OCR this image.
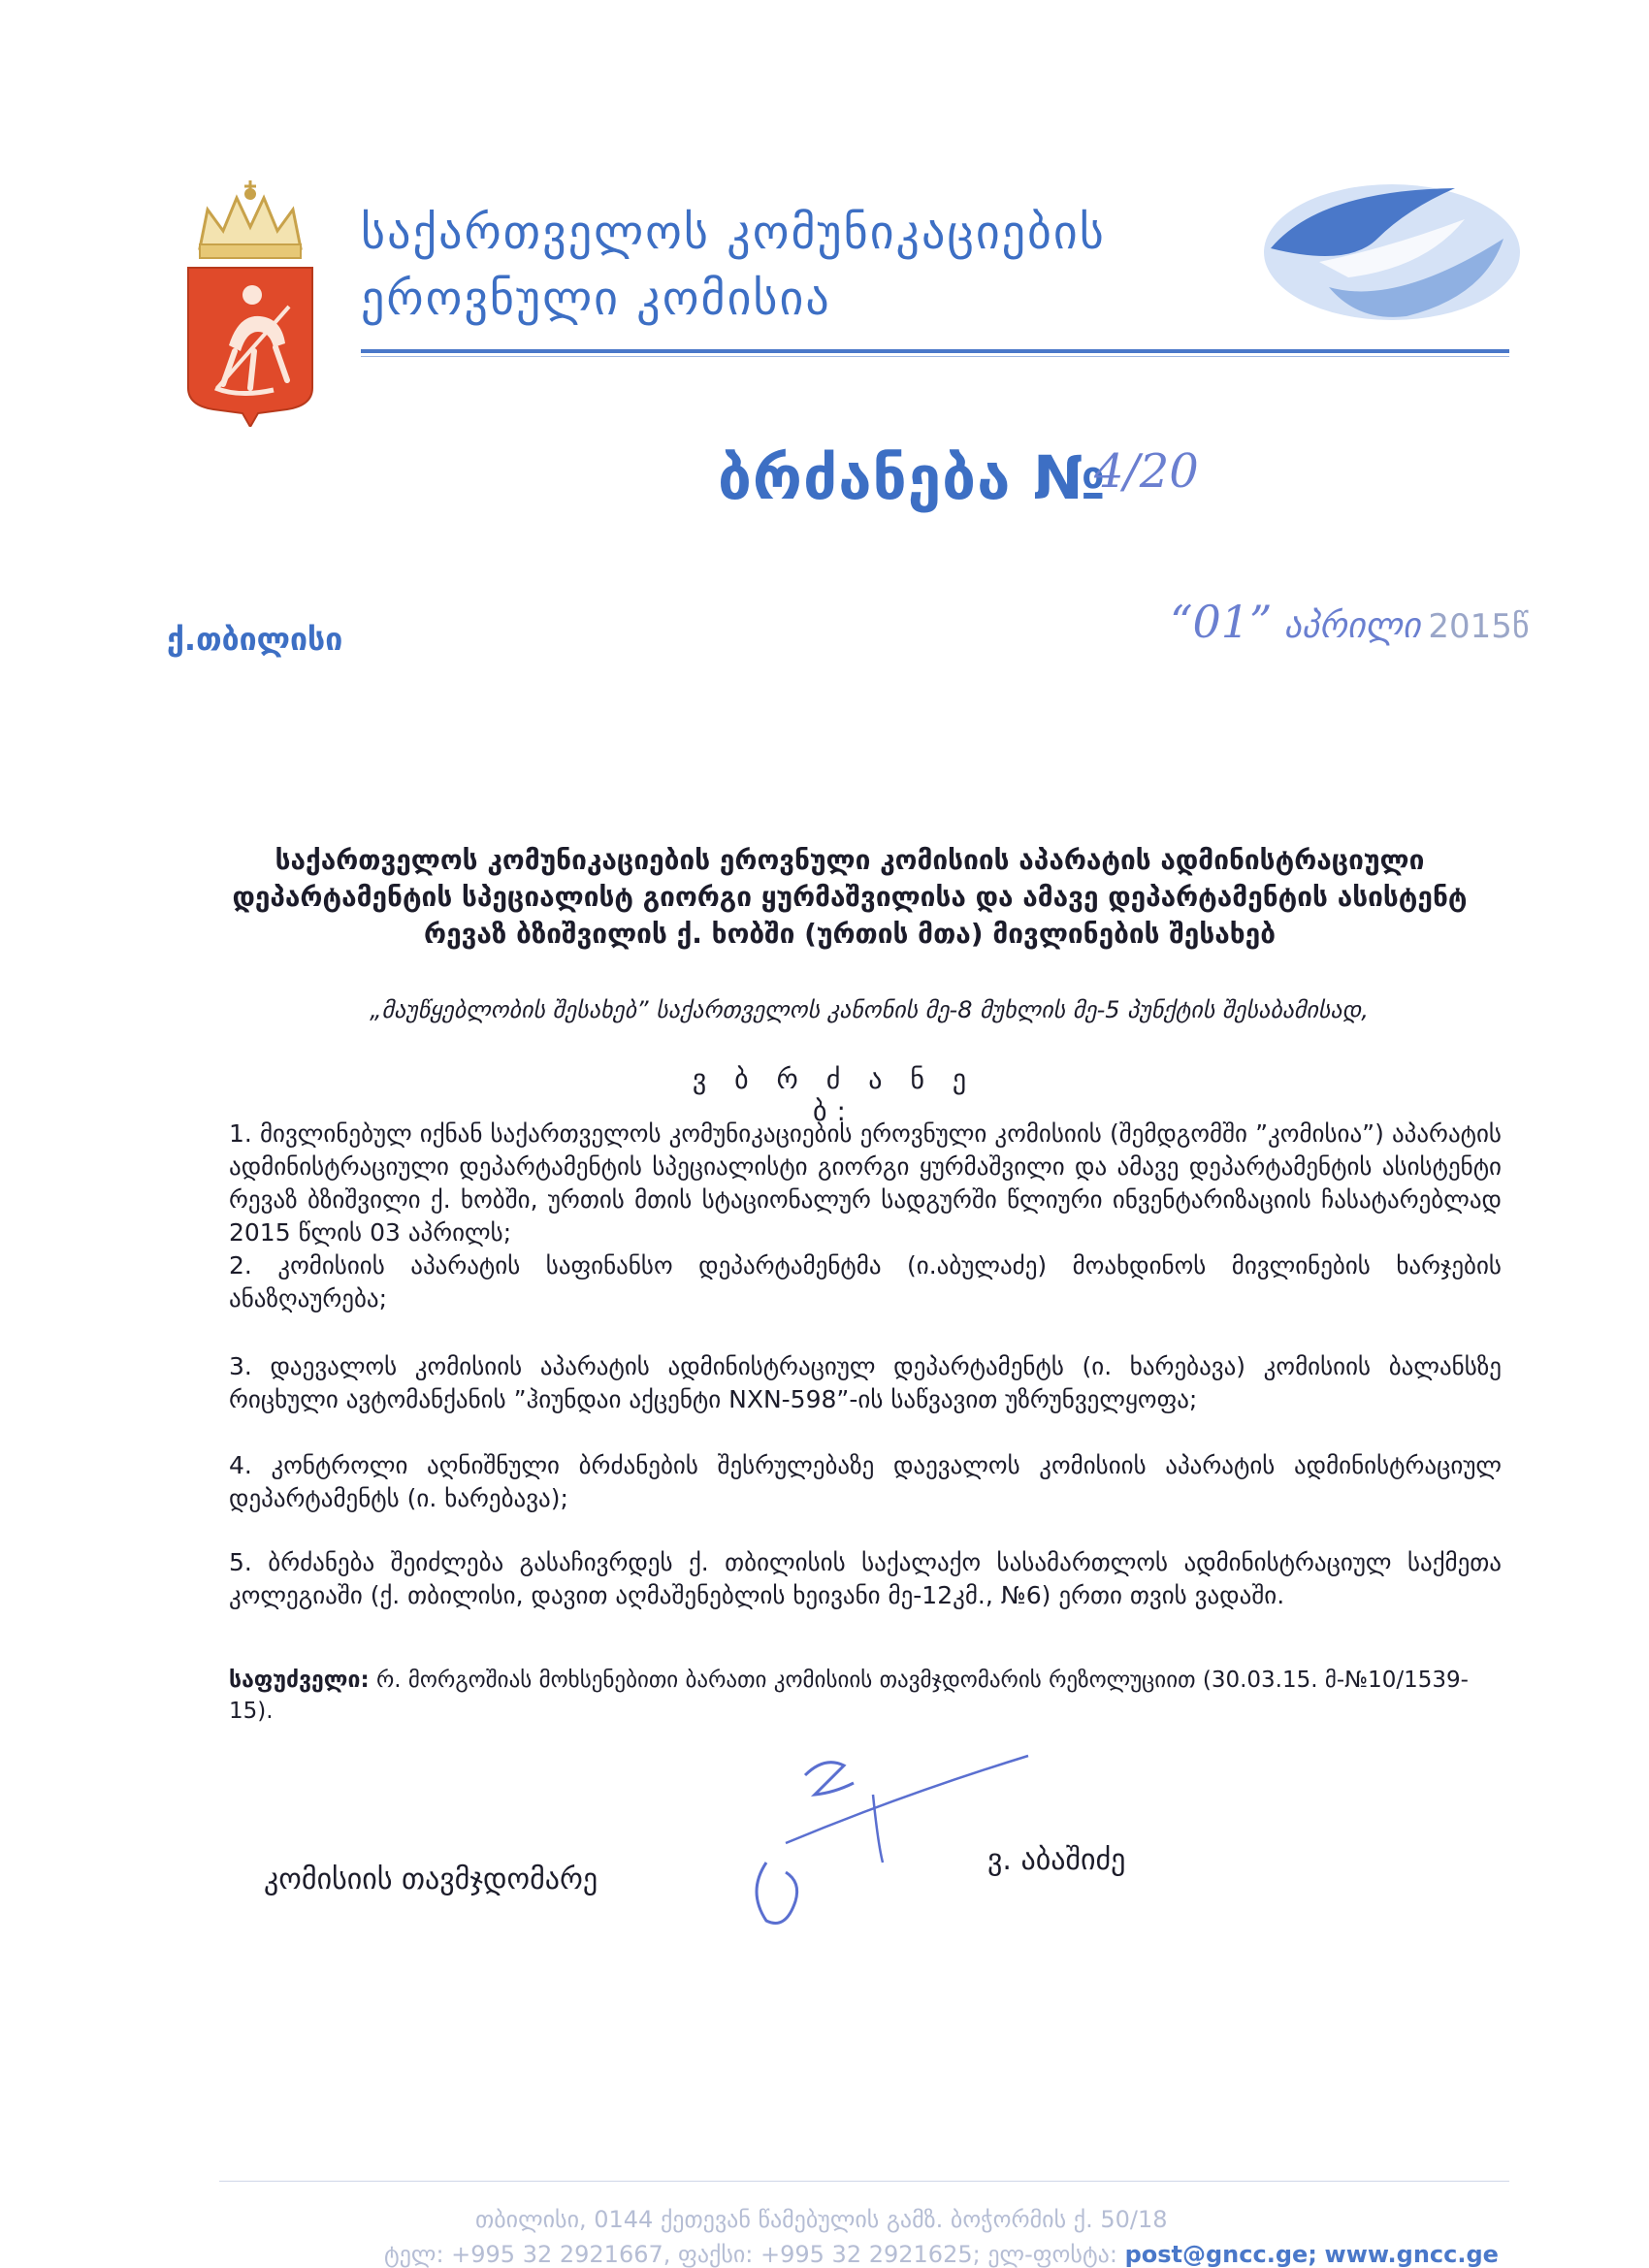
საქართველოს კომუნიკაციების
ეროვნული კომისია
ბრძანება №
4/20
ქ.თბილისი	“01” აპრილი 2015წ
საქართველოს კომუნიკაციების ეროვნული კომისიის აპარატის ადმინისტრაციული დეპარტამენტის სპეციალისტ გიორგი ყურმაშვილისა და ამავე დეპარტამენტის ასისტენტ რევაზ ბზიშვილის ქ. ხობში (ურთის მთა) მივლინების შესახებ
„მაუწყებლობის შესახებ” საქართველოს კანონის მე-8 მუხლის მე-5 პუნქტის შესაბამისად,
ვ ბ რ ძ ა ნ ე ბ:
1. მივლინებულ იქნან საქართველოს კომუნიკაციების ეროვნული კომისიის (შემდგომში ”კომისია”) აპარატის ადმინისტრაციული დეპარტამენტის სპეციალისტი გიორგი ყურმაშვილი და ამავე დეპარტამენტის ასისტენტი რევაზ ბზიშვილი ქ. ხობში, ურთის მთის სტაციონალურ სადგურში წლიური ინვენტარიზაციის ჩასატარებლად 2015 წლის 03 აპრილს;
2. კომისიის აპარატის საფინანსო დეპარტამენტმა (ი.აბულაძე) მოახდინოს მივლინების ხარჯების ანაზღაურება;
3. დაევალოს კომისიის აპარატის ადმინისტრაციულ დეპარტამენტს (ი. ხარებავა) კომისიის ბალანსზე რიცხული ავტომანქანის ”ჰიუნდაი აქცენტი NXN-598”-ის საწვავით უზრუნველყოფა;
4. კონტროლი აღნიშნული ბრძანების შესრულებაზე დაევალოს კომისიის აპარატის ადმინისტრაციულ დეპარტამენტს (ი. ხარებავა);
5. ბრძანება შეიძლება გასაჩივრდეს ქ. თბილისის საქალაქო სასამართლოს ადმინისტრაციულ საქმეთა კოლეგიაში (ქ. თბილისი, დავით აღმაშენებლის ხეივანი მე-12კმ., №6) ერთი თვის ვადაში.
საფუძველი: რ. მორგოშიას მოხსენებითი ბარათი კომისიის თავმჯდომარის რეზოლუციით (30.03.15. მ-№10/1539-15).
კომისიის თავმჯდომარე
ვ. აბაშიძე
თბილისი, 0144 ქეთევან წამებულის გამზ. ბოჭორმის ქ. 50/18
ტელ: +995 32 2921667, ფაქსი: +995 32 2921625; ელ-ფოსტა: post@gncc.ge; www.gncc.ge
